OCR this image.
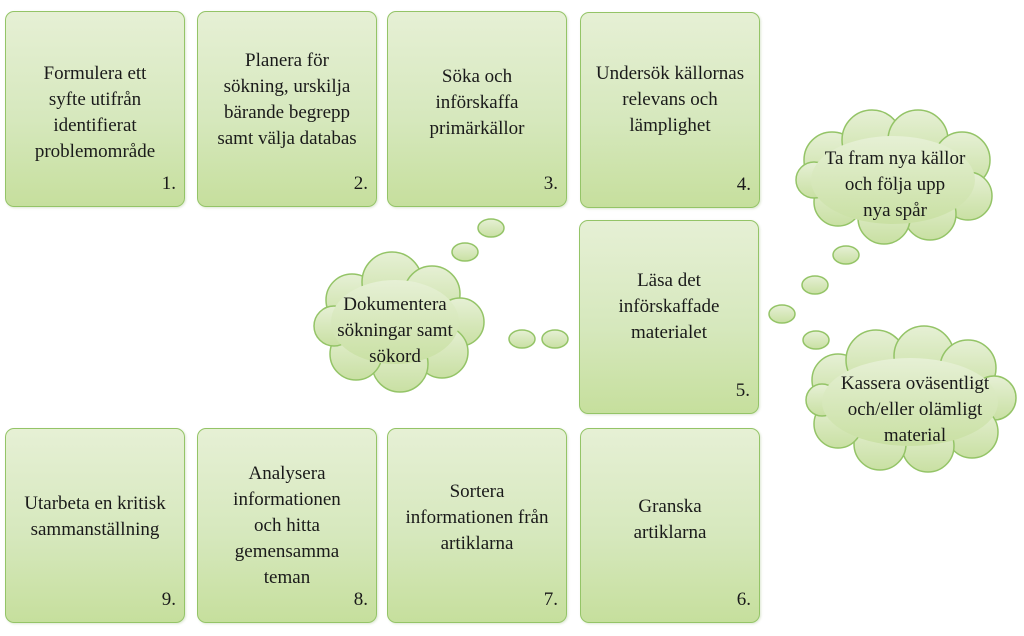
Formulera ett
syfte utifrån
identifierat
problemområde
1.
Planera för
sökning, urskilja
bärande begrepp
samt välja databas
2.
Söka och
införskaffa
primärkällor
3.
Undersök källornas
relevans och
lämplighet
4.
Läsa det
införskaffade
materialet
5.
Granska
artiklarna
6.
Sortera
informationen från
artiklarna
7.
Analysera
informationen
och hitta
gemensamma
teman
8.
Utarbeta en kritisk
sammanställning
9.
Dokumentera
sökningar samt
sökord
Ta fram nya källor
och följa upp
nya spår
Kassera oväsentligt
och/eller olämligt
material
